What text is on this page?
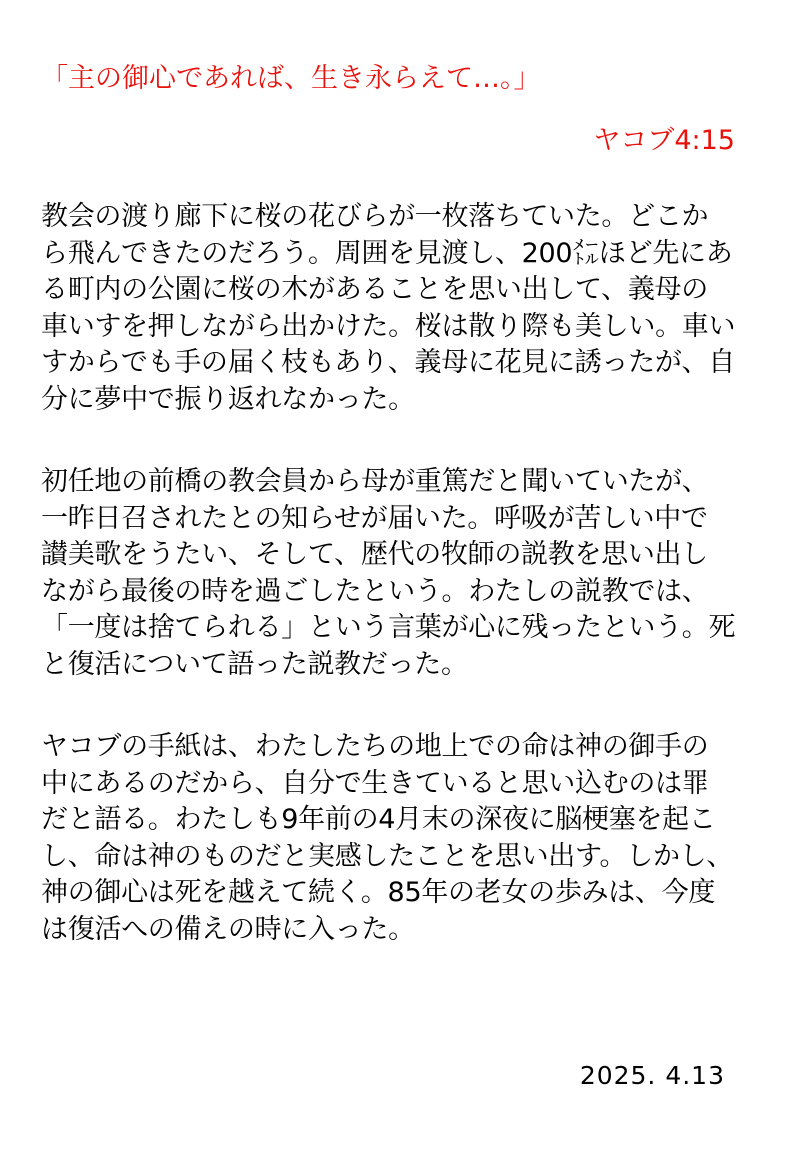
「主の御心であれば、生き永らえて…。」
ヤコブ4:15
教会の渡り廊下に桜の花びらが一枚落ちていた。どこか
ら飛んできたのだろう。周囲を見渡し、200㍍ほど先にあ
る町内の公園に桜の木があることを思い出して、義母の
車いすを押しながら出かけた。桜は散り際も美しい。車い
すからでも手の届く枝もあり、義母に花見に誘ったが、自
分に夢中で振り返れなかった。
初任地の前橋の教会員から母が重篤だと聞いていたが、
一昨日召されたとの知らせが届いた。呼吸が苦しい中で
讃美歌をうたい、そして、歴代の牧師の説教を思い出し
ながら最後の時を過ごしたという。わたしの説教では、
「一度は捨てられる」という言葉が心に残ったという。死
と復活について語った説教だった。
ヤコブの手紙は、わたしたちの地上での命は神の御手の
中にあるのだから、自分で生きていると思い込むのは罪
だと語る。わたしも9年前の4月末の深夜に脳梗塞を起こ
し、命は神のものだと実感したことを思い出す。しかし、
神の御心は死を越えて続く。85年の老女の歩みは、今度
は復活への備えの時に入った。
2025. 4.13
